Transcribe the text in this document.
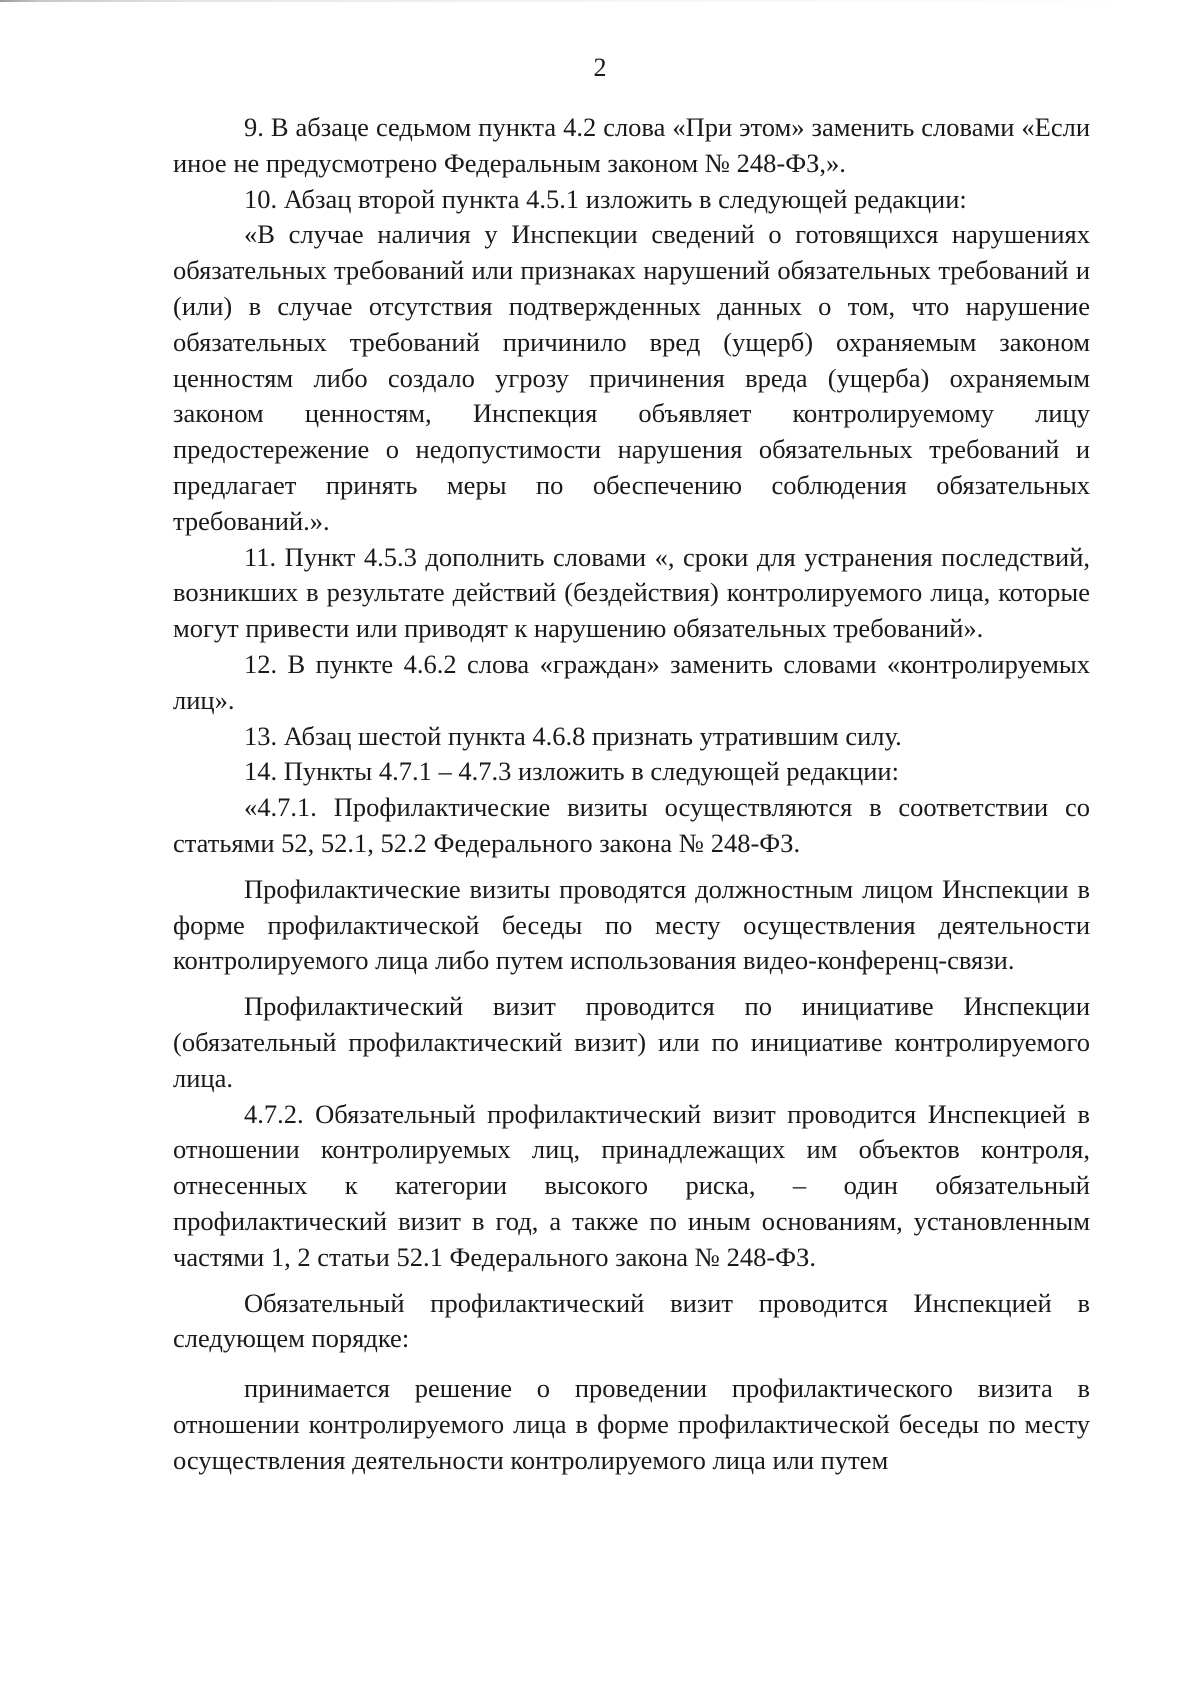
2

9. В абзаце седьмом пункта 4.2 слова «При этом» заменить словами «Если иное не предусмотрено Федеральным законом № 248-ФЗ,».

10. Абзац второй пункта 4.5.1 изложить в следующей редакции:

«В случае наличия у Инспекции сведений о готовящихся нарушениях обязательных требований или признаках нарушений обязательных требований и (или) в случае отсутствия подтвержденных данных о том, что нарушение обязательных требований причинило вред (ущерб) охраняемым законом ценностям либо создало угрозу причинения вреда (ущерба) охраняемым законом ценностям, Инспекция объявляет контролируемому лицу предостережение о недопустимости нарушения обязательных требований и предлагает принять меры по обеспечению соблюдения обязательных требований.».

11. Пункт 4.5.3 дополнить словами «, сроки для устранения последствий, возникших в результате действий (бездействия) контролируемого лица, которые могут привести или приводят к нарушению обязательных требований».

12. В пункте 4.6.2 слова «граждан» заменить словами «контролируемых лиц».

13. Абзац шестой пункта 4.6.8 признать утратившим силу.

14. Пункты 4.7.1 – 4.7.3 изложить в следующей редакции:

«4.7.1. Профилактические визиты осуществляются в соответствии со статьями 52, 52.1, 52.2 Федерального закона № 248-ФЗ.

Профилактические визиты проводятся должностным лицом Инспекции в форме профилактической беседы по месту осуществления деятельности контролируемого лица либо путем использования видео-конференц-связи.

Профилактический визит проводится по инициативе Инспекции (обязательный профилактический визит) или по инициативе контролируемого лица.

4.7.2. Обязательный профилактический визит проводится Инспекцией в отношении контролируемых лиц, принадлежащих им объектов контроля, отнесенных к категории высокого риска, – один обязательный профилактический визит в год, а также по иным основаниям, установленным частями 1, 2 статьи 52.1 Федерального закона № 248-ФЗ.

Обязательный профилактический визит проводится Инспекцией в следующем порядке:

принимается решение о проведении профилактического визита в отношении контролируемого лица в форме профилактической беседы по месту осуществления деятельности контролируемого лица или путем
